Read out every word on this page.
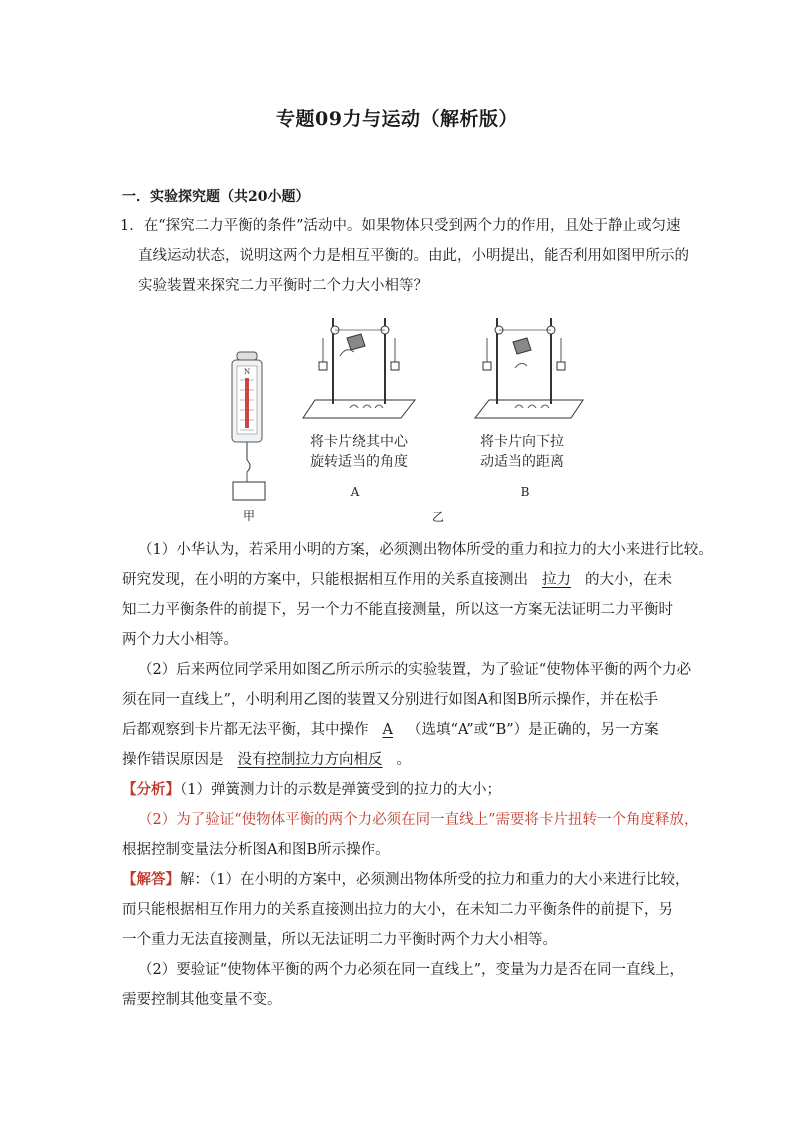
专题09力与运动（解析版）
一．实验探究题（共20小题）
1．在“探究二力平衡的条件”活动中。如果物体只受到两个力的作用，且处于静止或匀速
直线运动状态，说明这两个力是相互平衡的。由此，小明提出，能否利用如图甲所示的
实验装置来探究二力平衡时二个力大小相等？
N
将卡片绕其中心
旋转适当的角度
A
将卡片向下拉
动适当的距离
B
甲	乙
（1）小华认为，若采用小明的方案，必须测出物体所受的重力和拉力的大小来进行比较。
研究发现，在小明的方案中，只能根据相互作用的关系直接测出 拉力 的大小，在未
知二力平衡条件的前提下，另一个力不能直接测量，所以这一方案无法证明二力平衡时
两个力大小相等。
（2）后来两位同学采用如图乙所示所示的实验装置，为了验证“使物体平衡的两个力必
须在同一直线上”，小明利用乙图的装置又分别进行如图A和图B所示操作，并在松手
后都观察到卡片都无法平衡，其中操作 A （选填“A”或“B”）是正确的，另一方案
操作错误原因是 没有控制拉力方向相反 。
【分析】（1）弹簧测力计的示数是弹簧受到的拉力的大小；
（2）为了验证“使物体平衡的两个力必须在同一直线上”需要将卡片扭转一个角度释放，
根据控制变量法分析图A和图B所示操作。
【解答】解：（1）在小明的方案中，必须测出物体所受的拉力和重力的大小来进行比较，
而只能根据相互作用力的关系直接测出拉力的大小，在未知二力平衡条件的前提下，另
一个重力无法直接测量，所以无法证明二力平衡时两个力大小相等。
（2）要验证“使物体平衡的两个力必须在同一直线上”，变量为力是否在同一直线上，
需要控制其他变量不变。
